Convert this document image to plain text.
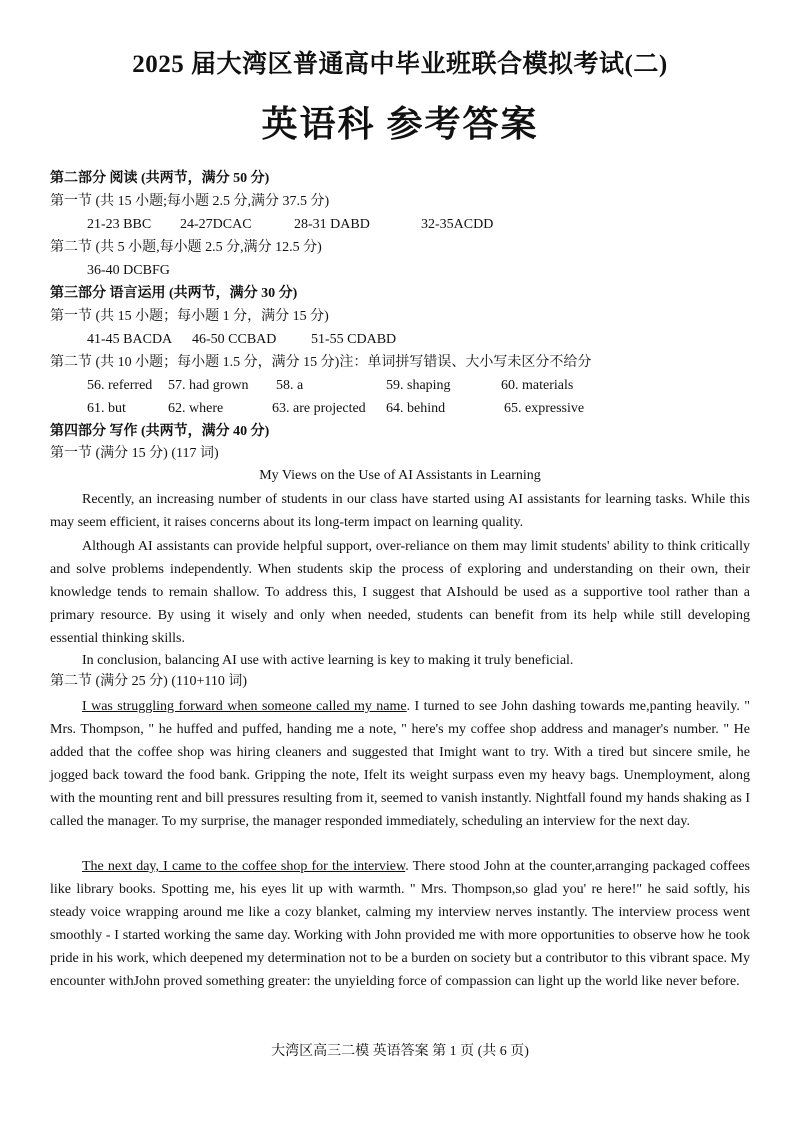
2025 届大湾区普通高中毕业班联合模拟考试(二)
英语科 参考答案
第二部分 阅读 (共两节，满分 50 分)
第一节 (共 15 小题;每小题 2.5 分,满分 37.5 分)
21-23 BBC 24-27DCAC	28-31 DABD	32-35ACDD
第二节 (共 5 小题,每小题 2.5 分,满分 12.5 分)
36-40 DCBFG
第三部分 语言运用 (共两节，满分 30 分)
第一节 (共 15 小题；每小题 1 分，满分 15 分)
41-45 BACDA 46-50 CCBAD 51-55 CDABD
第二节 (共 10 小题；每小题 1.5 分，满分 15 分)注：单词拼写错误、大小写未区分不给分
56. referred 57. had grown 58. a	59. shaping	60. materials
61. but	62. where	63. are projected 64. behind	65. expressive
第四部分 写作 (共两节，满分 40 分)
第一节 (满分 15 分) (117 词)
My Views on the Use of AI Assistants in Learning

Recently, an increasing number of students in our class have started using AI assistants for learning tasks. While this may seem efficient, it raises concerns about its long-term impact on learning quality.

Although AI assistants can provide helpful support, over-reliance on them may limit students' ability to think critically and solve problems independently. When students skip the process of exploring and understanding on their own, their knowledge tends to remain shallow. To address this, I suggest that AIshould be used as a supportive tool rather than a primary resource. By using it wisely and only when needed, students can benefit from its help while still developing essential thinking skills.

In conclusion, balancing AI use with active learning is key to making it truly beneficial.

第二节 (满分 25 分) (110+110 词)

I was struggling forward when someone called my name. I turned to see John dashing towards me,panting heavily. " Mrs. Thompson, " he huffed and puffed, handing me a note, " here's my coffee shop address and manager's number. " He added that the coffee shop was hiring cleaners and suggested that Imight want to try. With a tired but sincere smile, he jogged back toward the food bank. Gripping the note, Ifelt its weight surpass even my heavy bags. Unemployment, along with the mounting rent and bill pressures resulting from it, seemed to vanish instantly. Nightfall found my hands shaking as I called the manager. To my surprise, the manager responded immediately, scheduling an interview for the next day.

The next day, I came to the coffee shop for the interview. There stood John at the counter,arranging packaged coffees like library books. Spotting me, his eyes lit up with warmth. " Mrs. Thompson,so glad you' re here!" he said softly, his steady voice wrapping around me like a cozy blanket, calming my interview nerves instantly. The interview process went smoothly - I started working the same day. Working with John provided me with more opportunities to observe how he took pride in his work, which deepened my determination not to be a burden on society but a contributor to this vibrant space. My encounter withJohn proved something greater: the unyielding force of compassion can light up the world like never before.

大湾区高三二模 英语答案 第 1 页 (共 6 页)
